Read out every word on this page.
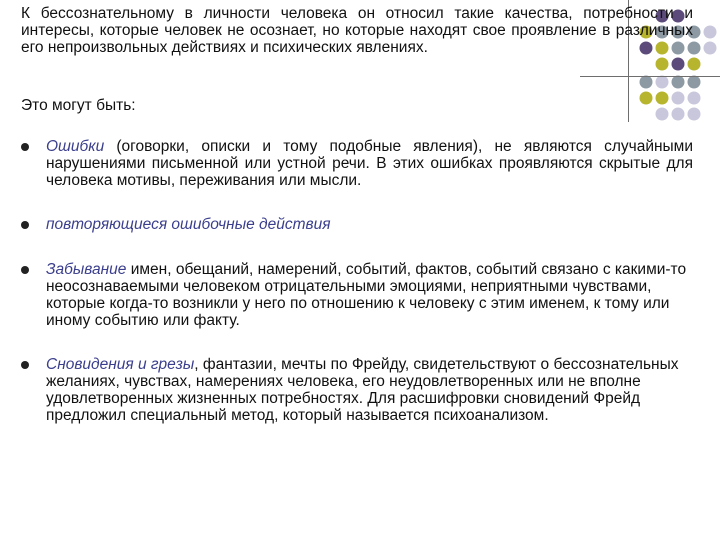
К бессознательному в личности человека он относил такие качества, потребности и интересы, которые человек не осознает, но которые находят свое проявление в различных его непроизвольных действиях и психических явлениях.
Это могут быть:
Ошибки (оговорки, описки и тому подобные явления), не являются случайными нарушениями письменной или устной речи. В этих ошибках проявляются скрытые для человека мотивы, переживания или мысли.
повторяющиеся ошибочные действия
Забывание имен, обещаний, намерений, событий, фактов, событий связано с какими-то неосознаваемыми человеком отрицательными эмоциями, неприятными чувствами, которые когда-то возникли у него по отношению к человеку с этим именем, к тому или иному событию или факту.
Сновидения и грезы, фантазии, мечты по Фрейду, свидетельствуют о бессознательных желаниях, чувствах, намерениях человека, его неудовлетворенных или не вполне удовлетворенных жизненных потребностях. Для расшифровки сновидений Фрейд предложил специальный метод, который называется психоанализом.
